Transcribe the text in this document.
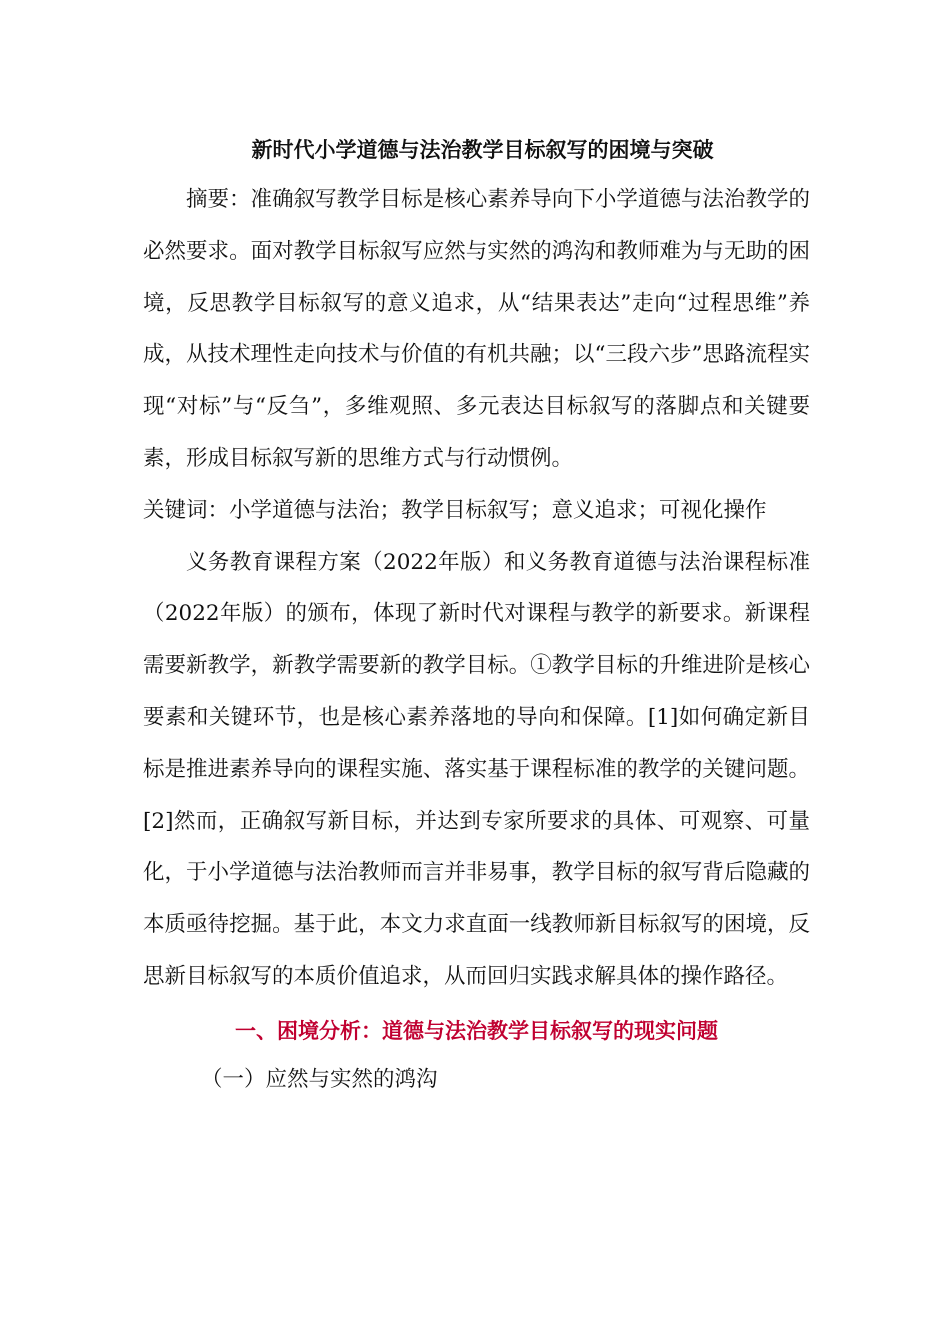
新时代小学道德与法治教学目标叙写的困境与突破

摘要：准确叙写教学目标是核心素养导向下小学道德与法治教学的必然要求。面对教学目标叙写应然与实然的鸿沟和教师难为与无助的困境，反思教学目标叙写的意义追求，从“结果表达”走向“过程思维”养成，从技术理性走向技术与价值的有机共融；以“三段六步”思路流程实现“对标”与“反刍”，多维观照、多元表达目标叙写的落脚点和关键要素，形成目标叙写新的思维方式与行动惯例。

关键词：小学道德与法治；教学目标叙写；意义追求；可视化操作

义务教育课程方案（2022年版）和义务教育道德与法治课程标准（2022年版）的颁布，体现了新时代对课程与教学的新要求。新课程需要新教学，新教学需要新的教学目标。①教学目标的升维进阶是核心要素和关键环节，也是核心素养落地的导向和保障。[1]如何确定新目标是推进素养导向的课程实施、落实基于课程标准的教学的关键问题。[2]然而，正确叙写新目标，并达到专家所要求的具体、可观察、可量化，于小学道德与法治教师而言并非易事，教学目标的叙写背后隐藏的本质亟待挖掘。基于此，本文力求直面一线教师新目标叙写的困境，反思新目标叙写的本质价值追求，从而回归实践求解具体的操作路径。

一、困境分析：道德与法治教学目标叙写的现实问题

（一）应然与实然的鸿沟
